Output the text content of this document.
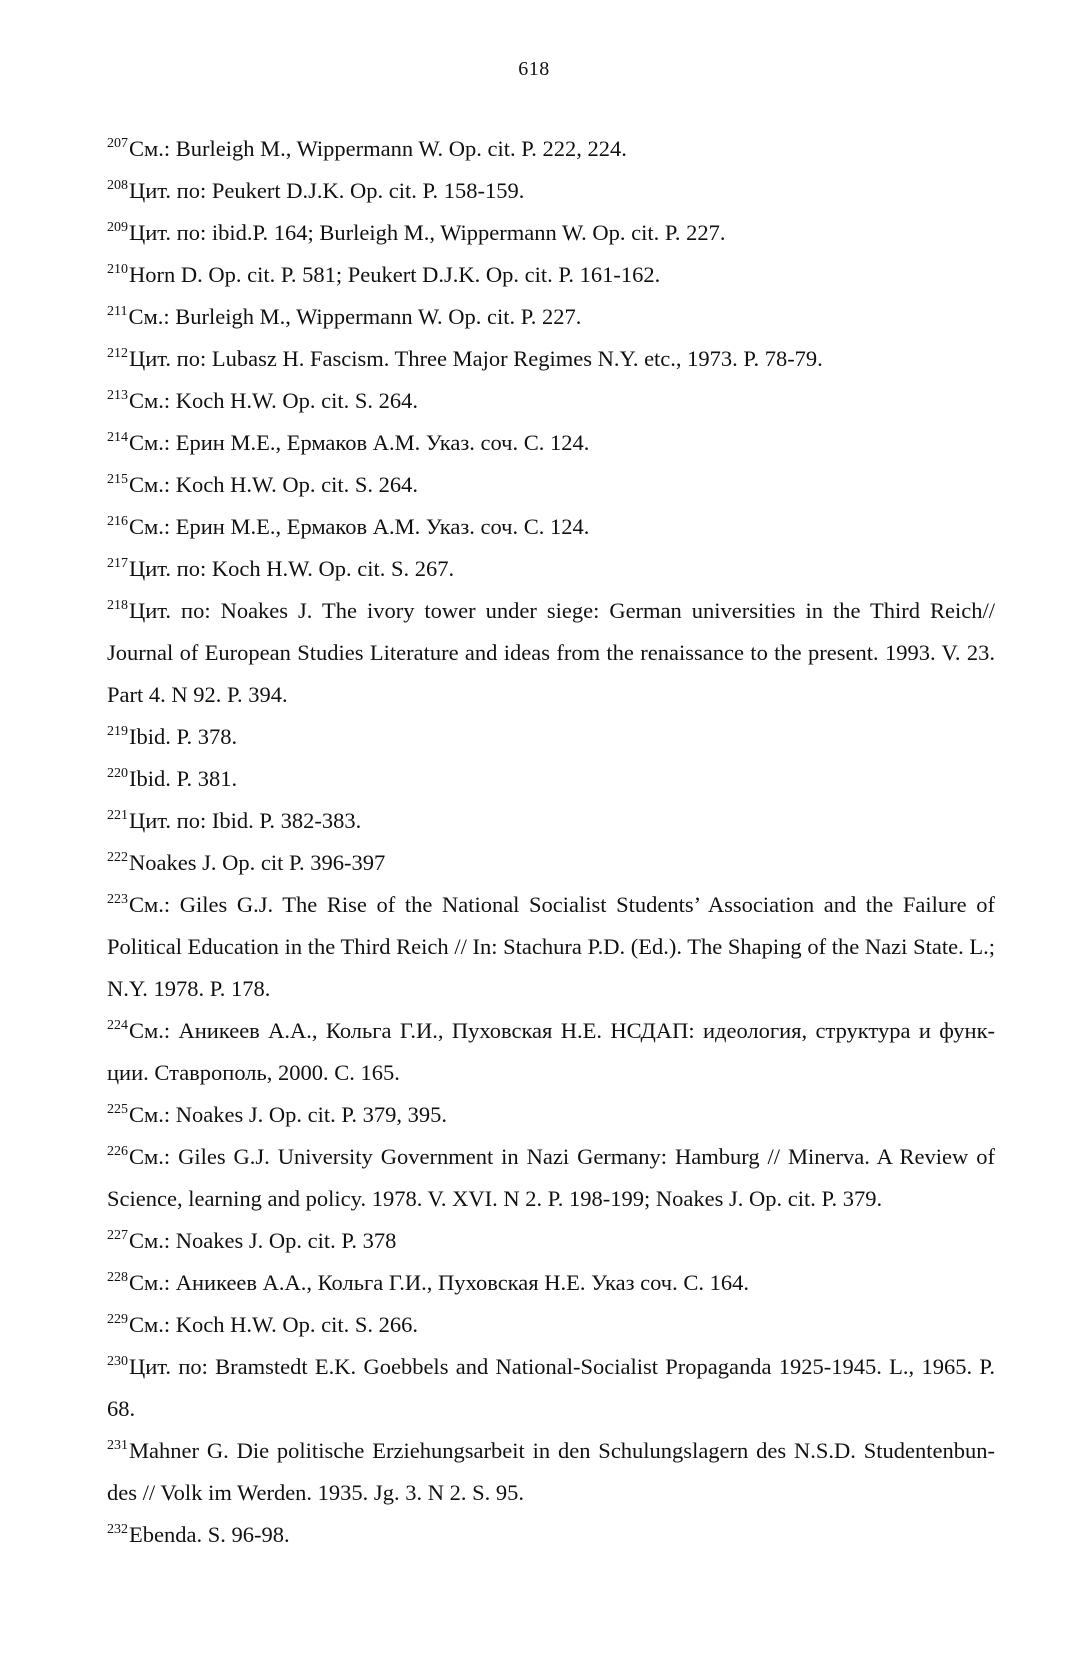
618

$^{207}$См.: Burleigh M., Wippermann W. Op. cit. P. 222, 224.

$^{208}$Цит. по: Peukert D.J.K. Op. cit. P. 158-159.

$^{209}$Цит. по: ibid.P. 164; Burleigh M., Wippermann W. Op. cit. P. 227.

$^{210}$Horn D. Op. cit. P. 581; Peukert D.J.K. Op. cit. P. 161-162.

$^{211}$См.: Burleigh M., Wippermann W. Op. cit. P. 227.

$^{212}$Цит. по: Lubasz H. Fascism. Three Major Regimes N.Y. etc., 1973. P. 78-79.

$^{213}$См.: Koch H.W. Op. cit. S. 264.

$^{214}$См.: Ерин М.Е., Ермаков А.М. Указ. соч. С. 124.

$^{215}$См.: Koch H.W. Op. cit. S. 264.

$^{216}$См.: Ерин М.Е., Ермаков А.М. Указ. соч. С. 124.

$^{217}$Цит. по: Koch H.W. Op. cit. S. 267.

$^{218}$Цит. по: Noakes J. The ivory tower under siege: German universities in the Third Reich// Journal of European Studies Literature and ideas from the renaissance to the present. 1993. V. 23. Part 4. N 92. P. 394.

$^{219}$Ibid. P. 378.

$^{220}$Ibid. P. 381.

$^{221}$Цит. по: Ibid. P. 382-383.

$^{222}$Noakes J. Op. cit P. 396-397

$^{223}$См.: Giles G.J. The Rise of the National Socialist Students’ Association and the Failure of Political Education in the Third Reich // In: Stachura P.D. (Ed.). The Shaping of the Nazi State. L.; N.Y. 1978. P. 178.

$^{224}$См.: Аникеев А.А., Кольга Г.И., Пуховская Н.Е. НСДАП: идеология, структура и функ-ции. Ставрополь, 2000. С. 165.

$^{225}$См.: Noakes J. Op. cit. P. 379, 395.

$^{226}$См.: Giles G.J. University Government in Nazi Germany: Hamburg // Minerva. A Review of Science, learning and policy. 1978. V. XVI. N 2. P. 198-199; Noakes J. Op. cit. P. 379.

$^{227}$См.: Noakes J. Op. cit. P. 378

$^{228}$См.: Аникеев А.А., Кольга Г.И., Пуховская Н.Е. Указ соч. С. 164.

$^{229}$См.: Koch H.W. Op. cit. S. 266.

$^{230}$Цит. по: Bramstedt E.K. Goebbels and National-Socialist Propaganda 1925-1945. L., 1965. P. 68.

$^{231}$Mahner G. Die politische Erziehungsarbeit in den Schulungslagern des N.S.D. Studentenbun-des // Volk im Werden. 1935. Jg. 3. N 2. S. 95.

$^{232}$Ebenda. S. 96-98.
